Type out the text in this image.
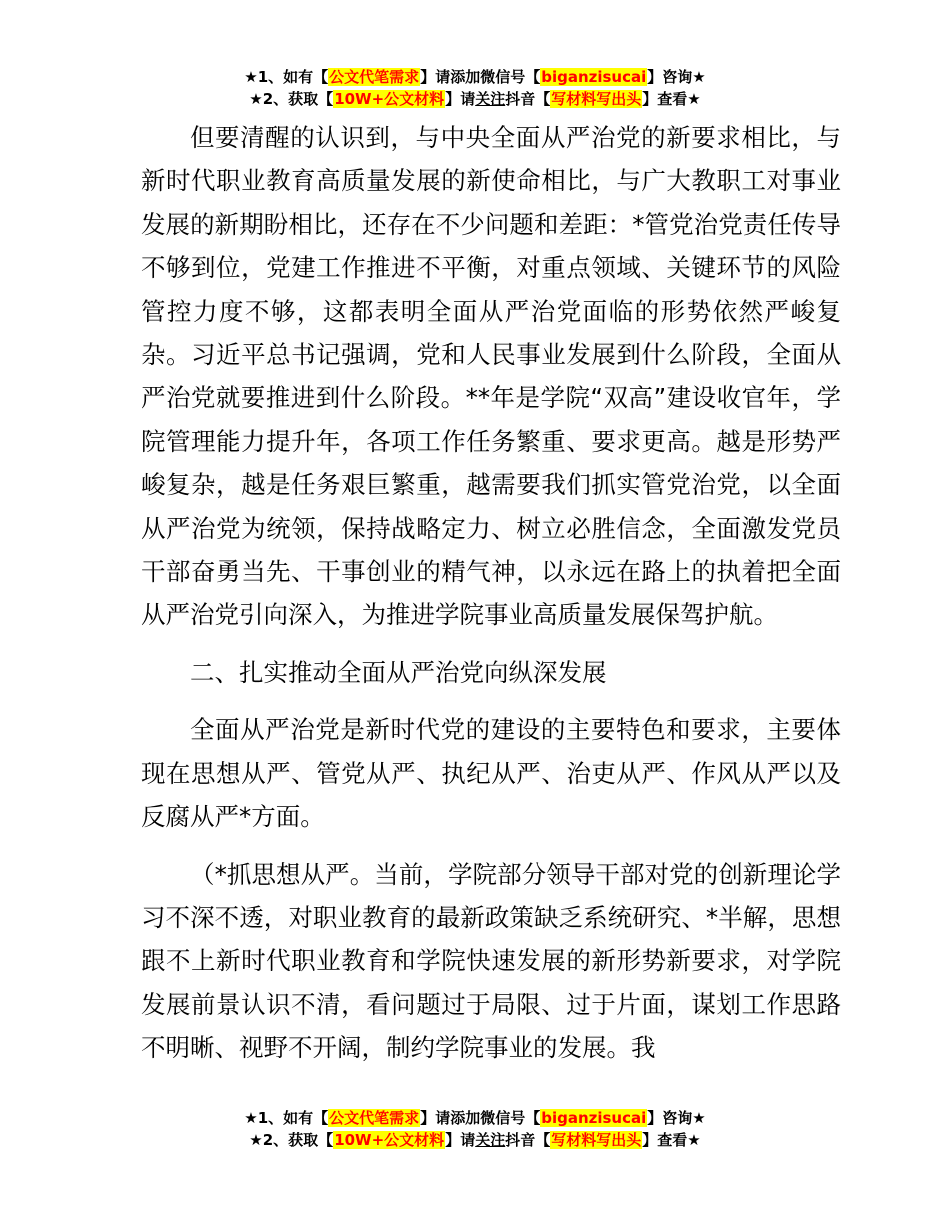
★1、如有【公文代笔需求】请添加微信号【biganzisucai】咨询★
★2、获取【10W+公文材料】请关注抖音【写材料写出头】查看★

但要清醒的认识到，与中央全面从严治党的新要求相比，与新时代职业教育高质量发展的新使命相比，与广大教职工对事业发展的新期盼相比，还存在不少问题和差距：*管党治党责任传导不够到位，党建工作推进不平衡，对重点领域、关键环节的风险管控力度不够，这都表明全面从严治党面临的形势依然严峻复杂。习近平总书记强调，党和人民事业发展到什么阶段，全面从严治党就要推进到什么阶段。**年是学院“双高”建设收官年，学院管理能力提升年，各项工作任务繁重、要求更高。越是形势严峻复杂，越是任务艰巨繁重，越需要我们抓实管党治党，以全面从严治党为统领，保持战略定力、树立必胜信念，全面激发党员干部奋勇当先、干事创业的精气神，以永远在路上的执着把全面从严治党引向深入，为推进学院事业高质量发展保驾护航。

二、扎实推动全面从严治党向纵深发展

全面从严治党是新时代党的建设的主要特色和要求，主要体现在思想从严、管党从严、执纪从严、治吏从严、作风从严以及反腐从严*方面。

（*抓思想从严。当前，学院部分领导干部对党的创新理论学习不深不透，对职业教育的最新政策缺乏系统研究、*半解，思想跟不上新时代职业教育和学院快速发展的新形势新要求，对学院发展前景认识不清，看问题过于局限、过于片面，谋划工作思路不明晰、视野不开阔，制约学院事业的发展。我

★1、如有【公文代笔需求】请添加微信号【biganzisucai】咨询★
★2、获取【10W+公文材料】请关注抖音【写材料写出头】查看★
